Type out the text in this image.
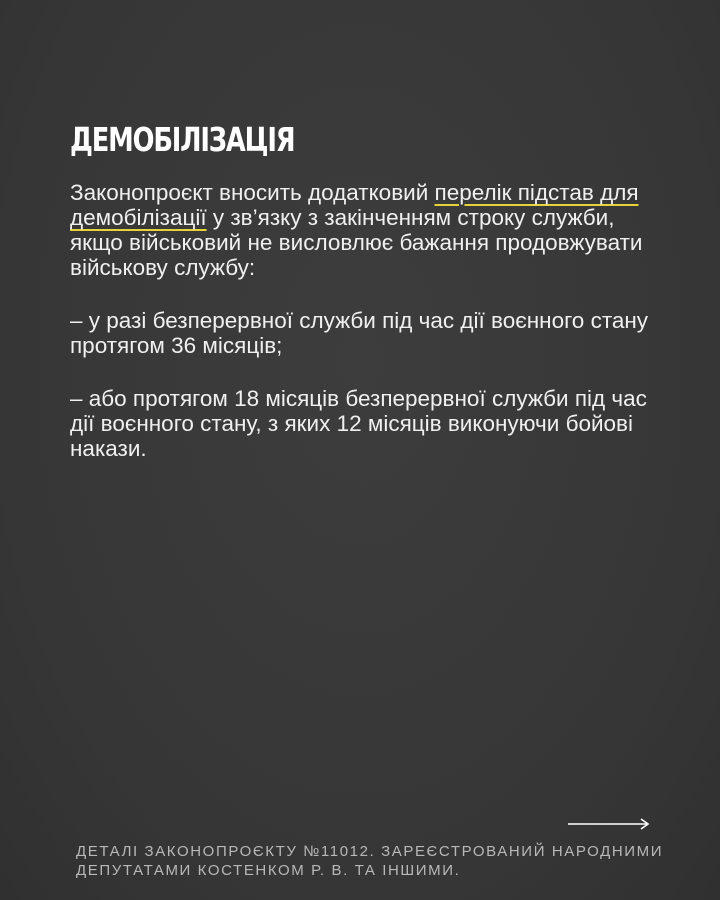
ДЕМОБІЛІЗАЦІЯ

Законопроєкт вносить додатковий перелік підстав для демобілізації у зв’язку з закінченням строку служби, якщо військовий не висловлює бажання продовжувати військову службу:

– у разі безперервної служби під час дії воєнного стану протягом 36 місяців;

– або протягом 18 місяців безперервної служби під час дії воєнного стану, з яких 12 місяців виконуючи бойові накази.

ДЕТАЛІ ЗАКОНОПРОЄКТУ №11012. ЗАРЕЄСТРОВАНИЙ НАРОДНИМИ ДЕПУТАТАМИ КОСТЕНКОМ Р. В. ТА ІНШИМИ.
